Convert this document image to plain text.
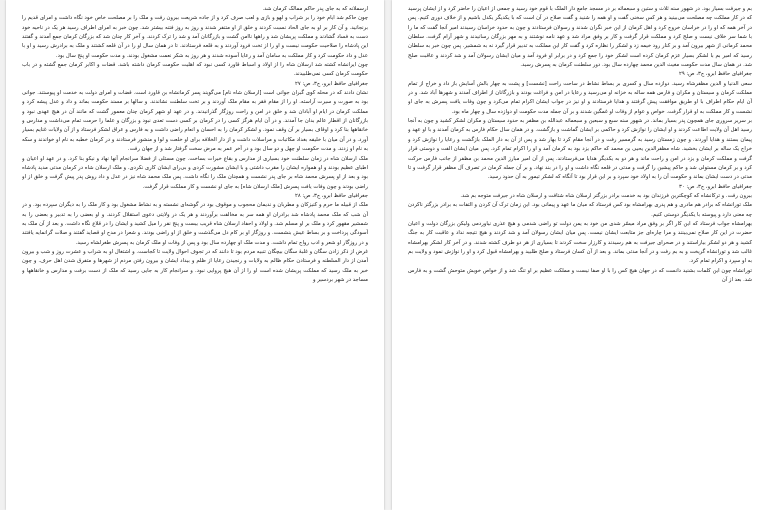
بم و جیرفت بسیار بود. در شهور سنه ثلاث و ستین و سبعمائه بر در مسجد جامع دار الملک با قوم خود رسید و جمعی از اعیان را حاضر کرد و از ایشان پرسید که در کار مملکت چه مصلحت می‌بینید و هر کس سخنی گفت و او همه را شنید و گفت صلاح در آن است که با یکدیگر یکدل باشیم و از خلاف دوری کنیم. پس در آخر همه که او را در خراسان خروج کرد و اهل کرمان از این خبر نگران شدند و رسولان فرستادند و چون به حدود خراسان رسیدند امیر آنجا گفت که ما را با شما سر خلاف نیست و صلح کرد و مملکت قرار گرفت و کار بر وفق مراد شد و عهد نامه نوشتند و به مهر بزرگان رسانیدند و شهر آرام گرفت. سلطان محمد کرمانی از شهر بیرون آمد و بر کنار رود خیمه زد و لشکر را نظاره کرد و گفت کار این مملکت به تدبیر قرار گیرد نه به شمشیر. پس چون خبر به سلطان رسید که امیر بم با لشکر بسیار عزم کرمان کرده است لشکر خود را جمع کرد و در برابر او فرود آمد و میان ایشان رسولان آمد و شد کردند و عاقبت صلح شد. در همان سال مدت حکومت مغیث الدین محمد چهارده سال بود. دور سلطنت کرمان به پسرش رسید.

جغرافیای حافظ ابرو، ج۳، ص: ۲۹

سعی الدنیا و الدین مظفرشاه رسید. دوازده سال و کسری بر بساط نشاط در ساحت راحت [نشست] و پشت به چهار بالش آسایش باز داد و خراج از تمام مملکت کرمان و سیستان و مکران و فارس همه ساله به خزانه او می‌رسید و رعایا در امن و فراغت بودند و بازرگانان از اطراف آمدند و شهرها آباد شد. و در آن ایام حکام اطراف با او طریق موافقت پیش گرفتند و هدایا فرستادند و او نیز در جواب ایشان اکرام تمام می‌کرد و چون وفات یافت پسرش به جای او نشست و کار مملکت به او قرار گرفت. خواص و عوام از وفات او غمگین شدند و بر آن جمله مدت حکومت او دوازده سال و چهار ماه بود.

بر سریر سروری جای همچون پدر بسیار بماند. در شهور سنه سبع و سبعین و سبعمائه عبدالله بن مظفر به حدود سیستان و مکران لشکر کشید و چون به آنجا رسید اهل آن ولایت اطاعت کردند و او ایشان را نوازش کرد و حاکمی بر ایشان گماشت و بازگشت. و در همان سال حکام فارس به کرمان آمدند و با او عهد و پیمان بستند و هدایا آوردند. و چون زمستان رسید به گرمسیر رفت و در آنجا مقام کرد تا بهار شد و پس از آن به دار الملک بازگشت و رعایا را نوازش کرد و خراج یک ساله بر ایشان بخشید. شاه مظفرالدین یحیی بن محمد که حاکم یزد بود به کرمان آمد و او را اکرام تمام کرد. پس میان ایشان الفت و دوستی قرار گرفت و مملکت کرمان و یزد در امن و راحت ماند و هر دو به یکدیگر هدایا می‌فرستادند. پس از آن امیر مبارز الدین محمد بن مظفر از جانب فارس حرکت کرد و بر کرمان مستولی شد و حاکم پیشین را گرفت و مدتی در قلعه نگاه داشت و او را در بند نهاد. و بر آن جمله کرمان در تصرف آل مظفر قرار گرفت و تا مدتی در دست ایشان بماند و حکومت آن را به اولاد خود سپرد و بر این قرار بود تا آنگاه که لشکر تیمور به آن حدود رسید.

جغرافیای حافظ ابرو، ج۳، ص: ۳۰

بیرون رفت. و ترکانشاه که کوچکترین فرزندان بود به خدمت برادر بزرگتر ارسلان شاه شتافت و ارسلان شاه در جیرفت متوجه بم شد.

ملک تورانشاه که برادر هم مادری و هم پدری بهرامشاه بود کس فرستاد که میان ما عهد و پیمانی بود. این زمان ترک آن کردن و التفات به برادر بزرگتر ناکردن چه معنی دارد و پیوسته با یکدیگر دوستی کنیم.

بهرامشاه جواب فرستاد که این کار اگر بر وفق مراد میسّر شدی من خود به یمن دولت تو راضی شدمی و هیچ عذری نیاوردمی ولیکن بزرگان دولت و اعیان حضرت در این کار صلاح نمی‌بینند و مرا چاره‌ای جز متابعت ایشان نیست. پس میان ایشان رسولان آمد و شد کردند و هیچ نتیجه نداد و عاقبت کار به جنگ کشید و هر دو لشکر بیاراستند و در صحرای جیرفت به هم رسیدند و کارزار سخت کردند تا بسیاری از هر دو طرف کشته شدند. و در آخر کار لشکر بهرامشاه غالب شد و تورانشاه گریخت و به بم رفت و در آنجا مدتی بماند. و بعد از آن کسان فرستاد و صلح طلبید و بهرامشاه قبول کرد و او را نوازش نمود و ولایت بم به او سپرد و اکرام تمام کرد.

تورانشاه چون این کلمات بشنید دانست که در جهان هیچ کس را با او صفا نیست و مملکت عظیم بر او تنگ شد و از خواص خویش متوحش گشت و به فارس شد. بعد از آن

ارسملانه که به جای پدر حاکم ممالک کرمان شد.

چون حاکم شد ایام خود را بر شراب و لهو و بازی و لعب صرف کرد و از جاده شریعت بیرون رفت و ملک را بر مصلحت خاص خود نگاه داشت و امرای قدیم را برنجانید. و آن کار بر او به جای الحاد نسبت کردند و خلق از او متنفر شدند و روز به روز فتنه بیشتر شد. چون خبر به امرای اطراف رسید هر یک در ناحیه خود دست به فساد گشادند و مملکت پریشان شد و راهها ناامن گشت و بازرگانان آمد و شد را ترک کردند. و آخر کار چنان شد که بزرگان کرمان جمع آمدند و گفتند این پادشاه را صلاحیت حکومت نیست و او را از تخت فرود آوردند و به قلعه فرستادند. تا در همان سال او را در آن قلعه کشتند و ملک به برادرش رسید و او با عدل و داد حکومت کرد و کار مملکت به سامان آمد و رعایا آسوده شدند و هر روز به شکر نعمت مشغول بودند. و مدت حکومت او پنج سال بود.

چون ایرانشاه کشته شد ارسلان شاه را از اولاد و اسباط قاورد کسی نبود که اهلیت حکومت کرمان داشته باشد. قضات و اکابر کرمان جمع گشته و در باب حکومت کرمان کسی نمی‌طلبیدند.

جغرافیای حافظ ابرو، ج۳، ص: ۲۷

نشان دادند که در محله کوی گبران جوانی است [ارسلان شاه نام] می‌گویند پسر کرمانشاه بن قاورد است. قضات و امرای دولت به خدمت او پیوستند. جوانی بود به صورت و سیرت آراسته. او را از مقام فقر به مقام ملک آوردند و بر تخت سلطنت نشاندند. و سالها بر مسند حکومت بماند و داد و عدل پیشه کرد و مملکت کرمان در ایام او آبادان شد و خلق در امن و راحت روزگار گذرانیدند. و در عهد او شهر کرمان چنان معمور گشت که مانند آن در هیچ عهدی نبود و بازرگانان از اقطار عالم بدان جا آمدند. و در آن ایام هرگز کسی را در کرمان بر کسی دست تعدی نبود و بزرگان و علما را حرمت تمام می‌داشت و مدارس و خانقاهها بنا کرد و اوقاف بسیار بر آن وقف نمود. و لشکر کرمان را به احسان و انعام راضی داشت و به فارس و عراق لشکر فرستاد و از آن ولایات غنایم بسیار آورد. و در آن میان با خلیفه بغداد مکاتبات و مراسلات داشت و از دار الخلافه برای او خلعت و لوا و منشور فرستادند و در کرمان خطبه به نام او خواندند و سکه به نام او زدند. و مدت حکومت او چهل و دو سال بود و در آخر عمر به مرض سخت گرفتار شد و از جهان رفت.

ملک ارسلان شاه در زمان سلطنت خود بسیاری از مدارس و بقاع خیرات بساخت. چون مستلی از فضلا سرانجام آنها نهاد و نیکو بنا کرد. و در عهد او اعیان و اطبای عظیم بودند و او همواره ایشان را مقرب داشتی و با ایشان مشورت کردی و بی‌رای ایشان کاری نکردی. و ملک ارسلان شاه در کرمان مدتی مدید پادشاه بود و بعد از او پسرش محمد شاه بر جای پدر نشست و همچنان ملک را نگاه داشت. پس ملک محمد شاه نیز در عدل و داد روش پدر پیش گرفت و خلق از او راضی بودند و چون وفات یافت پسرش [ملک ارسلان شاه] به جای او نشست و کار مملکت قرار گرفت.

جغرافیای حافظ ابرو، ج۳، ص: ۲۸

ملک از قبیله ما حرم و کنیزکان و مطربان و ندیمان محجوب و موقوف بود در گوشه‌ای نشسته و به نشاط مشغول بود و کار ملک را به دیگران سپرده بود. و در آن شب که ملک محمد پادشاه شد برادران او همه سر به مخالفت برآوردند و هر یک در ولایتی دعوی استقلال کردند. و او بعضی را به تدبیر و بعضی را به شمشیر مقهور کرد و ملک بر او مسلم شد. و اولاد و احفاد ارسلان شاه قریب بیست و پنج نفر را میل کشید و ایشان را در قلاع نگاه داشت. و بعد از آن ملک به آسودگی پرداخت و بر بساط عیش بنشست. و روزگار او بر کام دل می‌گذشت و خلق از او راضی بودند. و شعرا در مدح او قصاید گفتند و صلات گرانمایه یافتند و در روزگار او شعر و ادب رواج تمام داشت. و مدت ملک او چهارده سال بود و پس از وفات او ملک کرمان به پسرش طغرلشاه رسید.

غرض از ذکر زادن سگان و غلبهٔ سگان بیچگان تنبیه مردم بود تا دانند که در تجوف احوال ولایت تا کجاست. و اشتغال او به شراب و عشرت روز و شب و بیرون آمدن از دار السلطنه و فرستادن حکام ظالم به ولایات و رنجیدن رعایا از ظلم و بیداد ایشان و بیرون رفتن مردم از شهرها و متفرق شدن اهل حرف. و چون خبر به ملک رسید که مملکت پریشان شده است او را از آن هیچ پروایی نبود. و سرانجام کار به جایی رسید که ملک از دست برفت و مدارس و خانقاهها و مساجد در شهر بردسیر و
